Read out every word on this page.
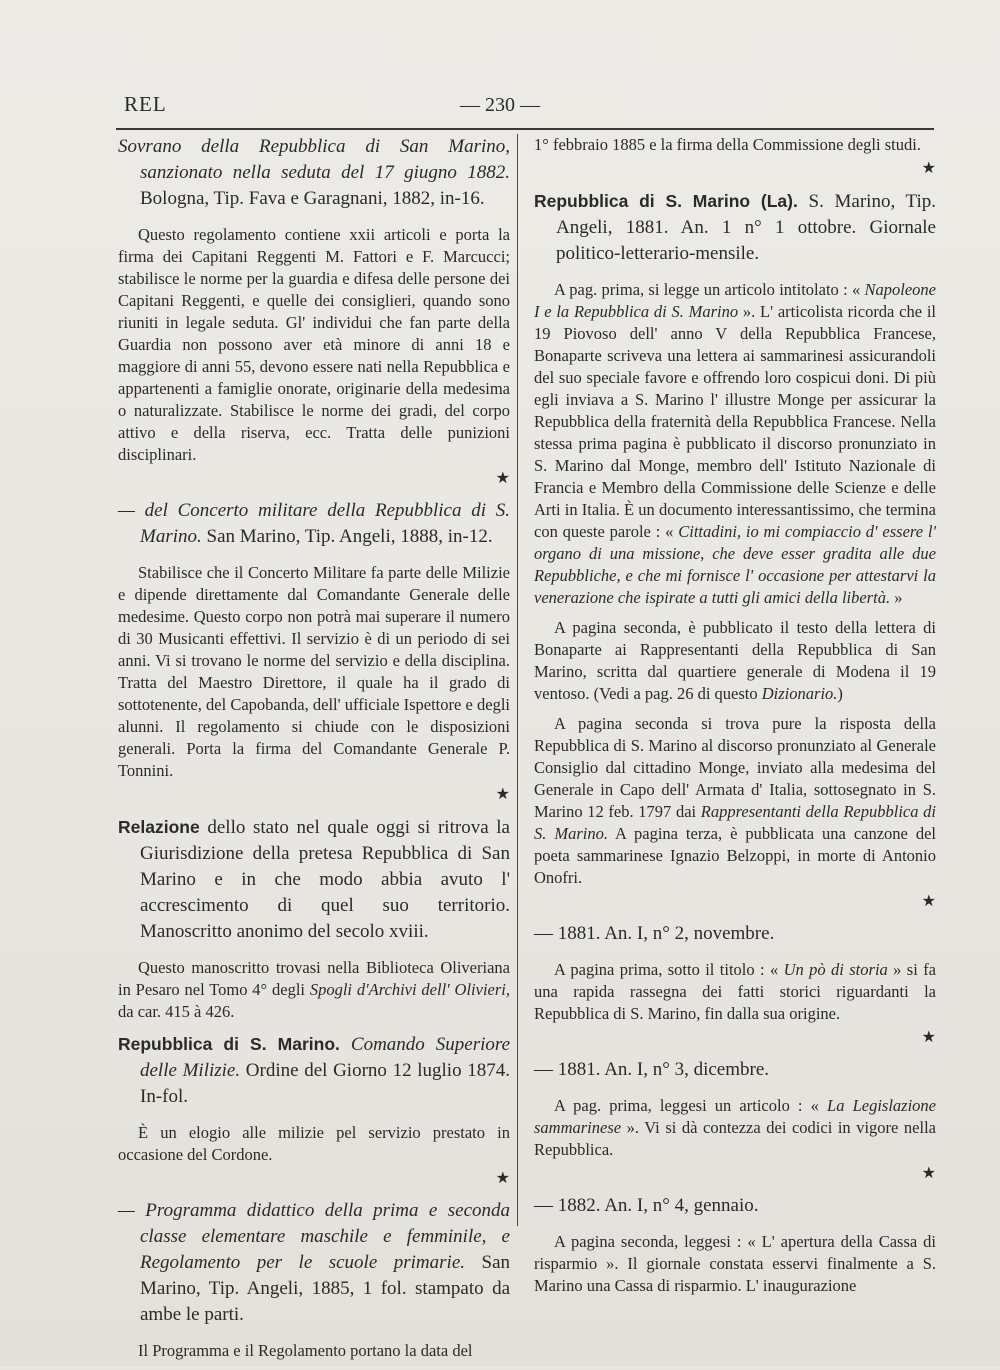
REL	— 230 —

Sovrano della Repubblica di San Marino, sanzionato nella seduta del 17 giugno 1882. Bologna, Tip. Fava e Garagnani, 1882, in-16.

Questo regolamento contiene xxii articoli e porta la firma dei Capitani Reggenti M. Fattori e F. Marcucci; stabilisce le norme per la guardia e difesa delle persone dei Capitani Reggenti, e quelle dei consiglieri, quando sono riuniti in legale seduta. Gl' individui che fan parte della Guardia non possono aver età minore di anni 18 e maggiore di anni 55, devono essere nati nella Repubblica e appartenenti a famiglie onorate, originarie della medesima o naturalizzate. Stabilisce le norme dei gradi, del corpo attivo e della riserva, ecc. Tratta delle punizioni disciplinari.

★

— del Concerto militare della Repubblica di S. Marino. San Marino, Tip. Angeli, 1888, in-12.

Stabilisce che il Concerto Militare fa parte delle Milizie e dipende direttamente dal Comandante Generale delle medesime. Questo corpo non potrà mai superare il numero di 30 Musicanti effettivi. Il servizio è di un periodo di sei anni. Vi si trovano le norme del servizio e della disciplina. Tratta del Maestro Direttore, il quale ha il grado di sottotenente, del Capobanda, dell' ufficiale Ispettore e degli alunni. Il regolamento si chiude con le disposizioni generali. Porta la firma del Comandante Generale P. Tonnini.

★

Relazione dello stato nel quale oggi si ritrova la Giurisdizione della pretesa Repubblica di San Marino e in che modo abbia avuto l' accrescimento di quel suo territorio. Manoscritto anonimo del secolo xviii.

Questo manoscritto trovasi nella Biblioteca Oliveriana in Pesaro nel Tomo 4° degli Spogli d'Archivi dell' Olivieri, da car. 415 à 426.

Repubblica di S. Marino. Comando Superiore delle Milizie. Ordine del Giorno 12 luglio 1874. In-fol.

È un elogio alle milizie pel servizio prestato in occasione del Cordone.

★

— Programma didattico della prima e seconda classe elementare maschile e femminile, e Regolamento per le scuole primarie. San Marino, Tip. Angeli, 1885, 1 fol. stampato da ambe le parti.

Il Programma e il Regolamento portano la data del

1° febbraio 1885 e la firma della Commissione degli studi.

★

Repubblica di S. Marino (La). S. Marino, Tip. Angeli, 1881. An. 1 n° 1 ottobre. Giornale politico-letterario-mensile.

A pag. prima, si legge un articolo intitolato : « Napoleone I e la Repubblica di S. Marino ». L' articolista ricorda che il 19 Piovoso dell' anno V della Repubblica Francese, Bonaparte scriveva una lettera ai sammarinesi assicurandoli del suo speciale favore e offrendo loro cospicui doni. Di più egli inviava a S. Marino l' illustre Monge per assicurar la Repubblica della fraternità della Repubblica Francese. Nella stessa prima pagina è pubblicato il discorso pronunziato in S. Marino dal Monge, membro dell' Istituto Nazionale di Francia e Membro della Commissione delle Scienze e delle Arti in Italia. È un documento interessantissimo, che termina con queste parole : « Cittadini, io mi compiaccio d' essere l' organo di una missione, che deve esser gradita alle due Repubbliche, e che mi fornisce l' occasione per attestarvi la venerazione che ispirate a tutti gli amici della libertà. »

A pagina seconda, è pubblicato il testo della lettera di Bonaparte ai Rappresentanti della Repubblica di San Marino, scritta dal quartiere generale di Modena il 19 ventoso. (Vedi a pag. 26 di questo Dizionario.)

A pagina seconda si trova pure la risposta della Repubblica di S. Marino al discorso pronunziato al Generale Consiglio dal cittadino Monge, inviato alla medesima del Generale in Capo dell' Armata d' Italia, sottosegnato in S. Marino 12 feb. 1797 dai Rappresentanti della Repubblica di S. Marino. A pagina terza, è pubblicata una canzone del poeta sammarinese Ignazio Belzoppi, in morte di Antonio Onofri.

★

— 1881. An. I, n° 2, novembre.

A pagina prima, sotto il titolo : « Un pò di storia » si fa una rapida rassegna dei fatti storici riguardanti la Repubblica di S. Marino, fin dalla sua origine.

★

— 1881. An. I, n° 3, dicembre.

A pag. prima, leggesi un articolo : « La Legislazione sammarinese ». Vi si dà contezza dei codici in vigore nella Repubblica.

★

— 1882. An. I, n° 4, gennaio.

A pagina seconda, leggesi : « L' apertura della Cassa di risparmio ». Il giornale constata esservi finalmente a S. Marino una Cassa di risparmio. L' inaugurazione
